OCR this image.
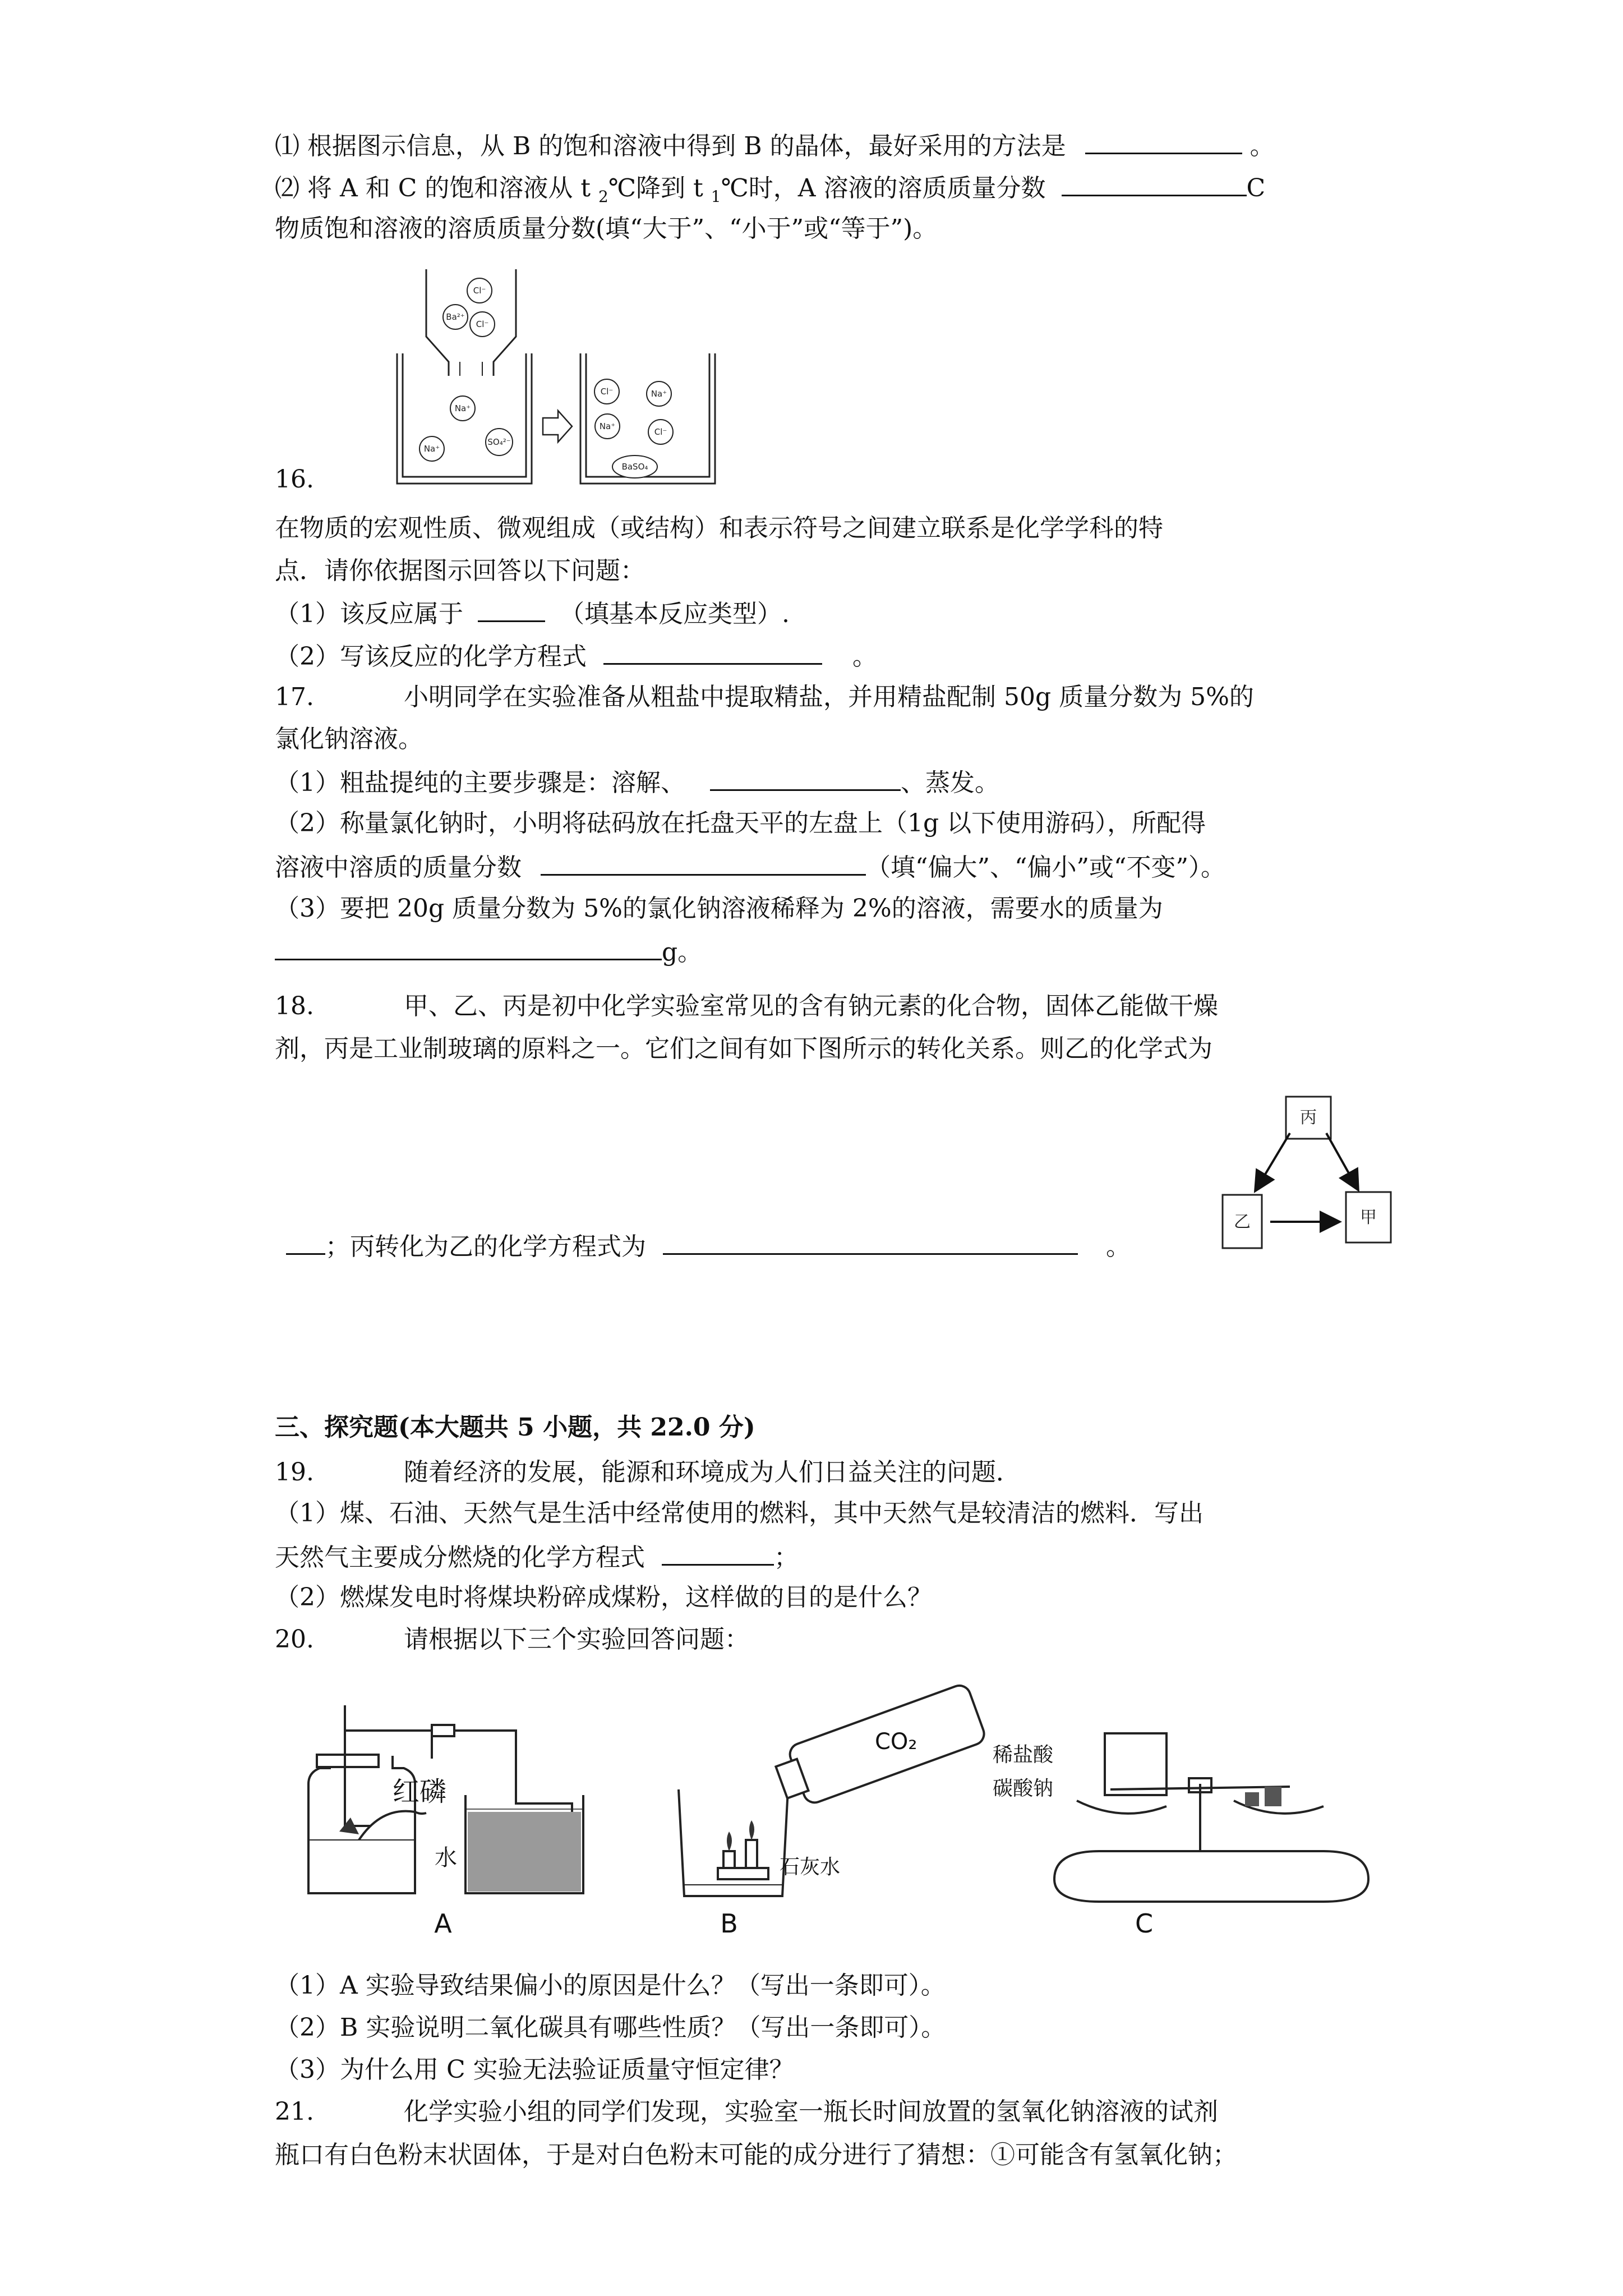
⑴ 根据图示信息，从 B 的饱和溶液中得到 B 的晶体，最好采用的方法是	。
⑵ 将 A 和 C 的饱和溶液从 t $_2$℃降到 t $_1$℃时，A 溶液的溶质质量分数	C
物质饱和溶液的溶质质量分数(填“大于”、“小于”或“等于”)。
Cl⁻
Ba²⁺
Cl⁻
Na⁺
Na⁺
SO₄²⁻
Cl⁻	Na⁺
Na⁺
Cl⁻
BaSO₄
16.
在物质的宏观性质、微观组成（或结构）和表示符号之间建立联系是化学学科的特
点．请你依据图示回答以下问题：
（1）该反应属于	（填基本反应类型）.
（2）写该反应的化学方程式	。
17.	小明同学在实验准备从粗盐中提取精盐，并用精盐配制 50g 质量分数为 5%的
氯化钠溶液。
（1）粗盐提纯的主要步骤是：溶解、	、蒸发。
（2）称量氯化钠时，小明将砝码放在托盘天平的左盘上（1g 以下使用游码），所配得
溶液中溶质的质量分数	（填“偏大”、“偏小”或“不变”）。
（3）要把 20g 质量分数为 5%的氯化钠溶液稀释为 2%的溶液，需要水的质量为
g。
18.	甲、乙、丙是初中化学实验室常见的含有钠元素的化合物，固体乙能做干燥
剂，丙是工业制玻璃的原料之一。它们之间有如下图所示的转化关系。则乙的化学式为
丙
乙	甲
；丙转化为乙的化学方程式为	。
三、探究题(本大题共 5 小题，共 22.0 分)
19.	随着经济的发展，能源和环境成为人们日益关注的问题．
（1）煤、石油、天然气是生活中经常使用的燃料，其中天然气是较清洁的燃料．写出
天然气主要成分燃烧的化学方程式	；
（2）燃煤发电时将煤块粉碎成煤粉，这样做的目的是什么？
20.	请根据以下三个实验回答问题：
红磷
水
A
CO₂
石灰水
B
稀盐酸
碳酸钠
C
（1）A 实验导致结果偏小的原因是什么？（写出一条即可）。
（2）B 实验说明二氧化碳具有哪些性质？（写出一条即可）。
（3）为什么用 C 实验无法验证质量守恒定律？
21.	化学实验小组的同学们发现，实验室一瓶长时间放置的氢氧化钠溶液的试剂
瓶口有白色粉末状固体，于是对白色粉末可能的成分进行了猜想：①可能含有氢氧化钠；
